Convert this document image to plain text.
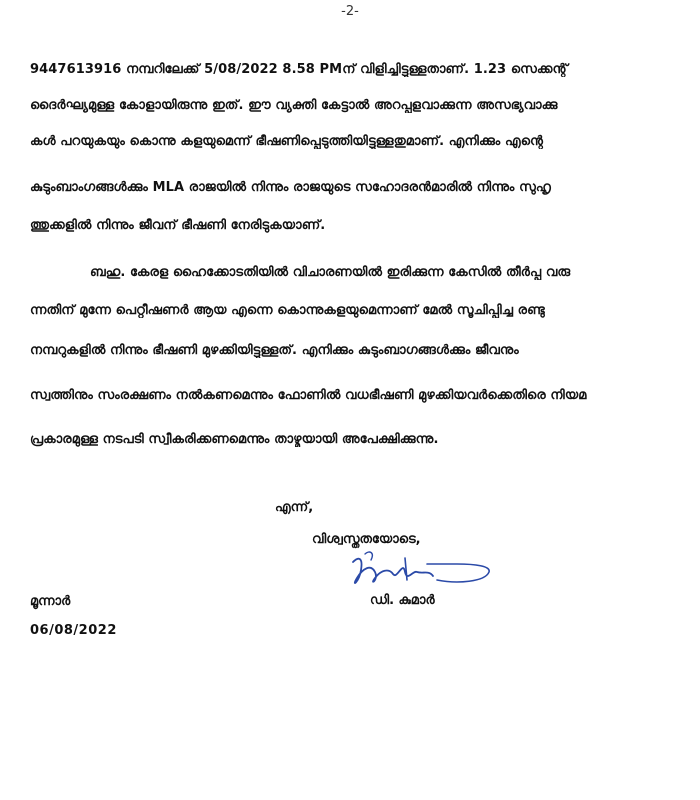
-2-
9447613916 നമ്പറിലേക്ക് 5/08/2022 8.58 PMന് വിളിച്ചിട്ടുള്ളതാണ്. 1.23 സെക്കന്റ്
ദൈർഘ്യമുള്ള കോളായിരുന്നു ഇത്. ഈ വ്യക്തി കേട്ടാൽ അറപ്പുളവാക്കുന്ന അസഭ്യവാക്കു
കൾ പറയുകയും കൊന്നു കളയുമെന്ന് ഭീഷണിപ്പെടുത്തിയിട്ടുള്ളതുമാണ്. എനിക്കും എന്റെ
കുടുംബാംഗങ്ങൾക്കും MLA രാജയിൽ നിന്നും രാജയുടെ സഹോദരൻമാരിൽ നിന്നും സുഹൃ
ത്തുക്കളിൽ നിന്നും ജീവന് ഭീഷണി നേരിടുകയാണ്.
ബഹു. കേരള ഹൈക്കോടതിയിൽ വിചാരണയിൽ ഇരിക്കുന്ന കേസിൽ തീർപ്പു വരു
ന്നതിന് മുന്നേ പെറ്റീഷണർ ആയ എന്നെ കൊന്നുകളയുമെന്നാണ് മേൽ സൂചിപ്പിച്ച രണ്ടു
നമ്പറുകളിൽ നിന്നും ഭീഷണി മുഴക്കിയിട്ടുള്ളത്. എനിക്കും കുടുംബാഗങ്ങൾക്കും ജീവനും
സ്വത്തിനും സംരക്ഷണം നൽകണമെന്നും ഫോണിൽ വധഭീഷണി മുഴക്കിയവർക്കെതിരെ നിയമ
പ്രകാരമുള്ള നടപടി സ്വീകരിക്കണമെന്നും താഴ്മയായി അപേക്ഷിക്കുന്നു.
എന്ന്,
വിശ്വസ്തതയോടെ,
ഡി. കുമാർ
മൂന്നാർ
06/08/2022
